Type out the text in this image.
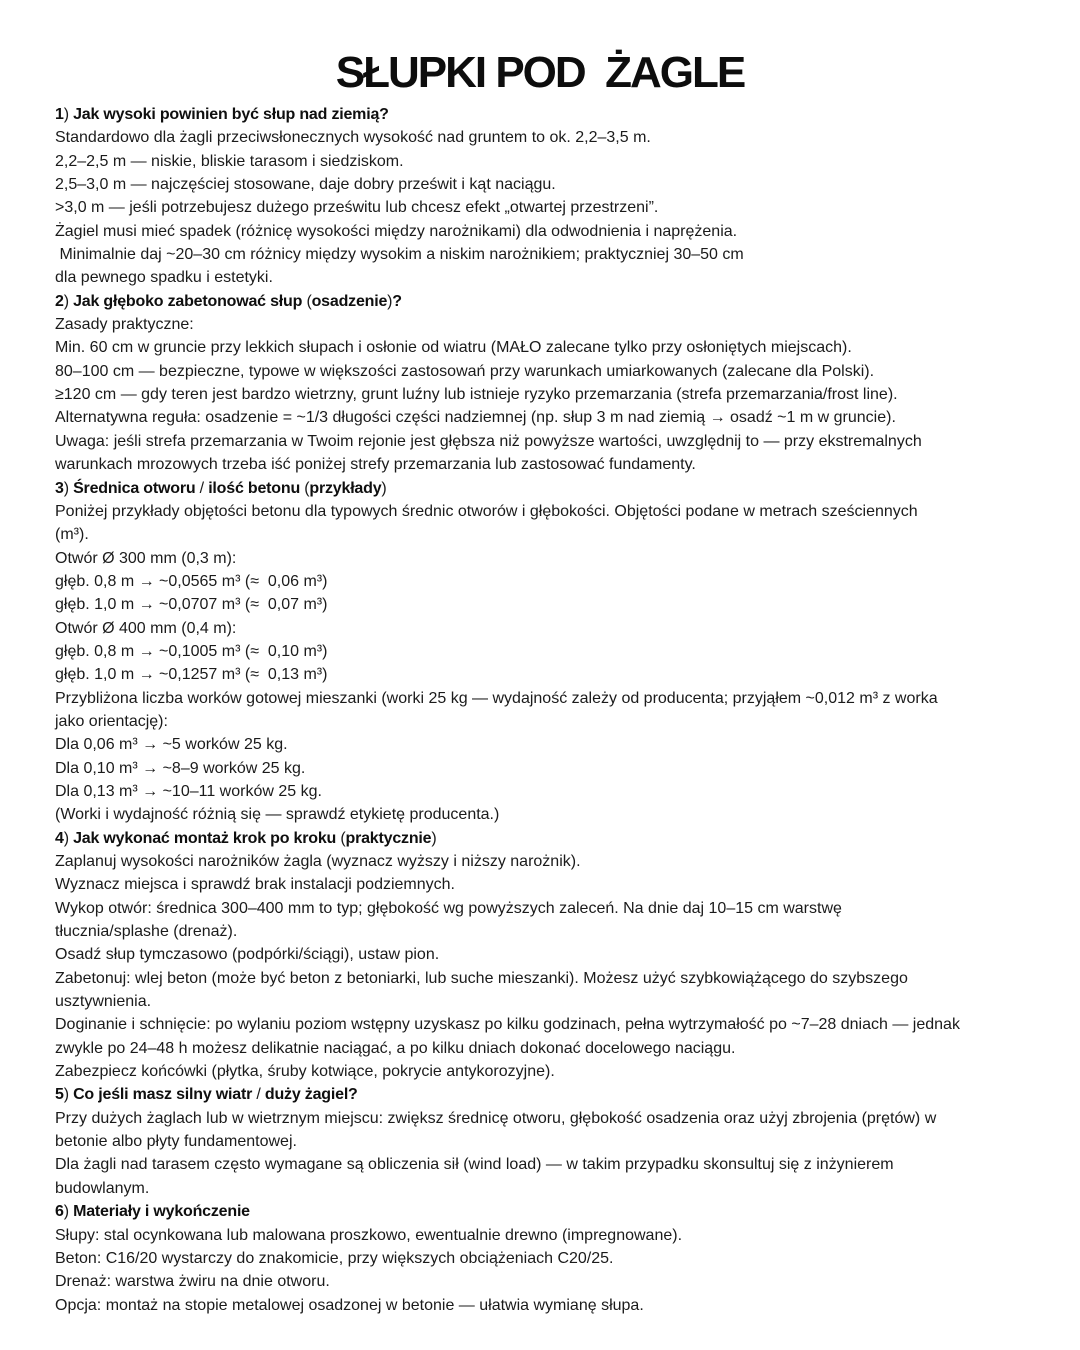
SŁUPKI POD  ŻAGLE
1) Jak wysoki powinien być słup nad ziemią?
Standardowo dla żagli przeciwsłonecznych wysokość nad gruntem to ok. 2,2–3,5 m.
2,2–2,5 m — niskie, bliskie tarasom i siedziskom.
2,5–3,0 m — najczęściej stosowane, daje dobry prześwit i kąt naciągu.
>3,0 m — jeśli potrzebujesz dużego prześwitu lub chcesz efekt „otwartej przestrzeni”.
Żagiel musi mieć spadek (różnicę wysokości między narożnikami) dla odwodnienia i naprężenia.
Minimalnie daj ~20–30 cm różnicy między wysokim a niskim narożnikiem; praktyczniej 30–50 cm
dla pewnego spadku i estetyki.
2) Jak głęboko zabetonować słup (osadzenie)?
Zasady praktyczne:
Min. 60 cm w gruncie przy lekkich słupach i osłonie od wiatru (MAŁO zalecane tylko przy osłoniętych miejscach).
80–100 cm — bezpieczne, typowe w większości zastosowań przy warunkach umiarkowanych (zalecane dla Polski).
≥120 cm — gdy teren jest bardzo wietrzny, grunt luźny lub istnieje ryzyko przemarzania (strefa przemarzania/frost line).
Alternatywna reguła: osadzenie = ~1/3 długości części nadziemnej (np. słup 3 m nad ziemią → osadź ~1 m w gruncie).
Uwaga: jeśli strefa przemarzania w Twoim rejonie jest głębsza niż powyższe wartości, uwzględnij to — przy ekstremalnych
warunkach mrozowych trzeba iść poniżej strefy przemarzania lub zastosować fundamenty.
3) Średnica otworu / ilość betonu (przykłady)
Poniżej przykłady objętości betonu dla typowych średnic otworów i głębokości. Objętości podane w metrach sześciennych
(m³).
Otwór Ø 300 mm (0,3 m):
głęb. 0,8 m → ~0,0565 m³ (≈  0,06 m³)
głęb. 1,0 m → ~0,0707 m³ (≈  0,07 m³)
Otwór Ø 400 mm (0,4 m):
głęb. 0,8 m → ~0,1005 m³ (≈  0,10 m³)
głęb. 1,0 m → ~0,1257 m³ (≈  0,13 m³)
Przybliżona liczba worków gotowej mieszanki (worki 25 kg — wydajność zależy od producenta; przyjąłem ~0,012 m³ z worka
jako orientację):
Dla 0,06 m³ → ~5 worków 25 kg.
Dla 0,10 m³ → ~8–9 worków 25 kg.
Dla 0,13 m³ → ~10–11 worków 25 kg.
(Worki i wydajność różnią się — sprawdź etykietę producenta.)
4) Jak wykonać montaż krok po kroku (praktycznie)
Zaplanuj wysokości narożników żagla (wyznacz wyższy i niższy narożnik).
Wyznacz miejsca i sprawdź brak instalacji podziemnych.
Wykop otwór: średnica 300–400 mm to typ; głębokość wg powyższych zaleceń. Na dnie daj 10–15 cm warstwę
tłucznia/splashe (drenaż).
Osadź słup tymczasowo (podpórki/ściągi), ustaw pion.
Zabetonuj: wlej beton (może być beton z betoniarki, lub suche mieszanki). Możesz użyć szybkowiążącego do szybszego
usztywnienia.
Doginanie i schnięcie: po wylaniu poziom wstępny uzyskasz po kilku godzinach, pełna wytrzymałość po ~7–28 dniach — jednak
zwykle po 24–48 h możesz delikatnie naciągać, a po kilku dniach dokonać docelowego naciągu.
Zabezpiecz końcówki (płytka, śruby kotwiące, pokrycie antykorozyjne).
5) Co jeśli masz silny wiatr / duży żagiel?
Przy dużych żaglach lub w wietrznym miejscu: zwiększ średnicę otworu, głębokość osadzenia oraz użyj zbrojenia (prętów) w
betonie albo płyty fundamentowej.
Dla żagli nad tarasem często wymagane są obliczenia sił (wind load) — w takim przypadku skonsultuj się z inżynierem
budowlanym.
6) Materiały i wykończenie
Słupy: stal ocynkowana lub malowana proszkowo, ewentualnie drewno (impregnowane).
Beton: C16/20 wystarczy do znakomicie, przy większych obciążeniach C20/25.
Drenaż: warstwa żwiru na dnie otworu.
Opcja: montaż na stopie metalowej osadzonej w betonie — ułatwia wymianę słupa.
